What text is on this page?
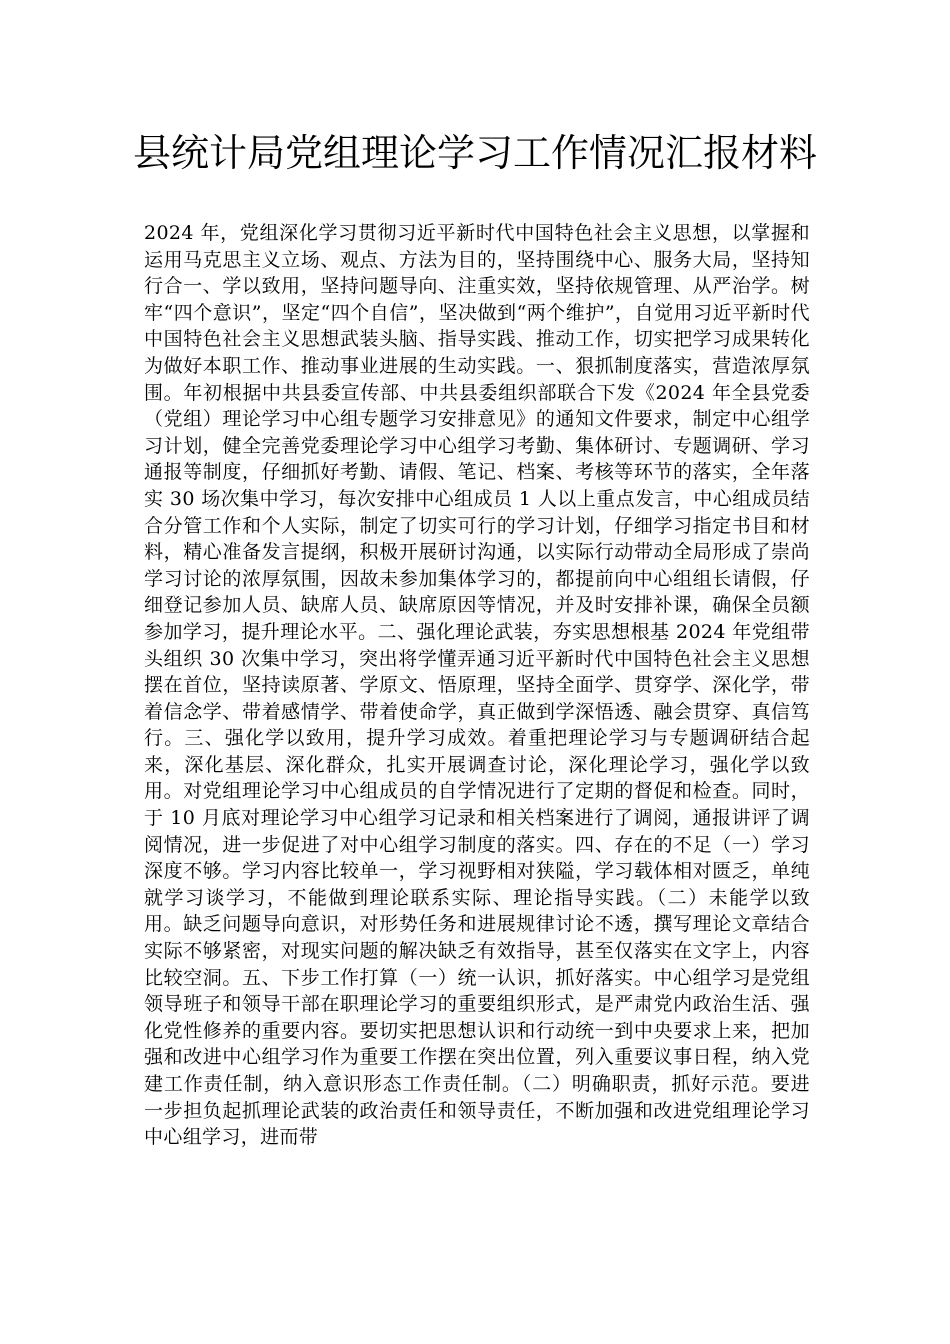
县统计局党组理论学习工作情况汇报材料

2024 年，党组深化学习贯彻习近平新时代中国特色社会主义思想，以掌握和运用马克思主义立场、观点、方法为目的，坚持围绕中心、服务大局，坚持知行合一、学以致用，坚持问题导向、注重实效，坚持依规管理、从严治学。树牢“四个意识”，坚定“四个自信”，坚决做到“两个维护”，自觉用习近平新时代中国特色社会主义思想武装头脑、指导实践、推动工作，切实把学习成果转化为做好本职工作、推动事业进展的生动实践。一、狠抓制度落实，营造浓厚氛围。年初根据中共县委宣传部、中共县委组织部联合下发《2024 年全县党委（党组）理论学习中心组专题学习安排意见》的通知文件要求，制定中心组学习计划，健全完善党委理论学习中心组学习考勤、集体研讨、专题调研、学习通报等制度，仔细抓好考勤、请假、笔记、档案、考核等环节的落实，全年落实 30 场次集中学习，每次安排中心组成员 1 人以上重点发言，中心组成员结合分管工作和个人实际，制定了切实可行的学习计划，仔细学习指定书目和材料，精心准备发言提纲，积极开展研讨沟通，以实际行动带动全局形成了崇尚学习讨论的浓厚氛围，因故未参加集体学习的，都提前向中心组组长请假，仔细登记参加人员、缺席人员、缺席原因等情况，并及时安排补课，确保全员额参加学习，提升理论水平。二、强化理论武装，夯实思想根基 2024 年党组带头组织 30 次集中学习，突出将学懂弄通习近平新时代中国特色社会主义思想摆在首位，坚持读原著、学原文、悟原理，坚持全面学、贯穿学、深化学，带着信念学、带着感情学、带着使命学，真正做到学深悟透、融会贯穿、真信笃行。三、强化学以致用，提升学习成效。着重把理论学习与专题调研结合起来，深化基层、深化群众，扎实开展调查讨论，深化理论学习，强化学以致用。对党组理论学习中心组成员的自学情况进行了定期的督促和检查。同时，于 10 月底对理论学习中心组学习记录和相关档案进行了调阅，通报讲评了调阅情况，进一步促进了对中心组学习制度的落实。四、存在的不足（一）学习深度不够。学习内容比较单一，学习视野相对狭隘，学习载体相对匮乏，单纯就学习谈学习，不能做到理论联系实际、理论指导实践。（二）未能学以致用。缺乏问题导向意识，对形势任务和进展规律讨论不透，撰写理论文章结合实际不够紧密，对现实问题的解决缺乏有效指导，甚至仅落实在文字上，内容比较空洞。五、下步工作打算（一）统一认识，抓好落实。中心组学习是党组领导班子和领导干部在职理论学习的重要组织形式，是严肃党内政治生活、强化党性修养的重要内容。要切实把思想认识和行动统一到中央要求上来，把加强和改进中心组学习作为重要工作摆在突出位置，列入重要议事日程，纳入党建工作责任制，纳入意识形态工作责任制。（二）明确职责，抓好示范。要进一步担负起抓理论武装的政治责任和领导责任，不断加强和改进党组理论学习中心组学习，进而带
